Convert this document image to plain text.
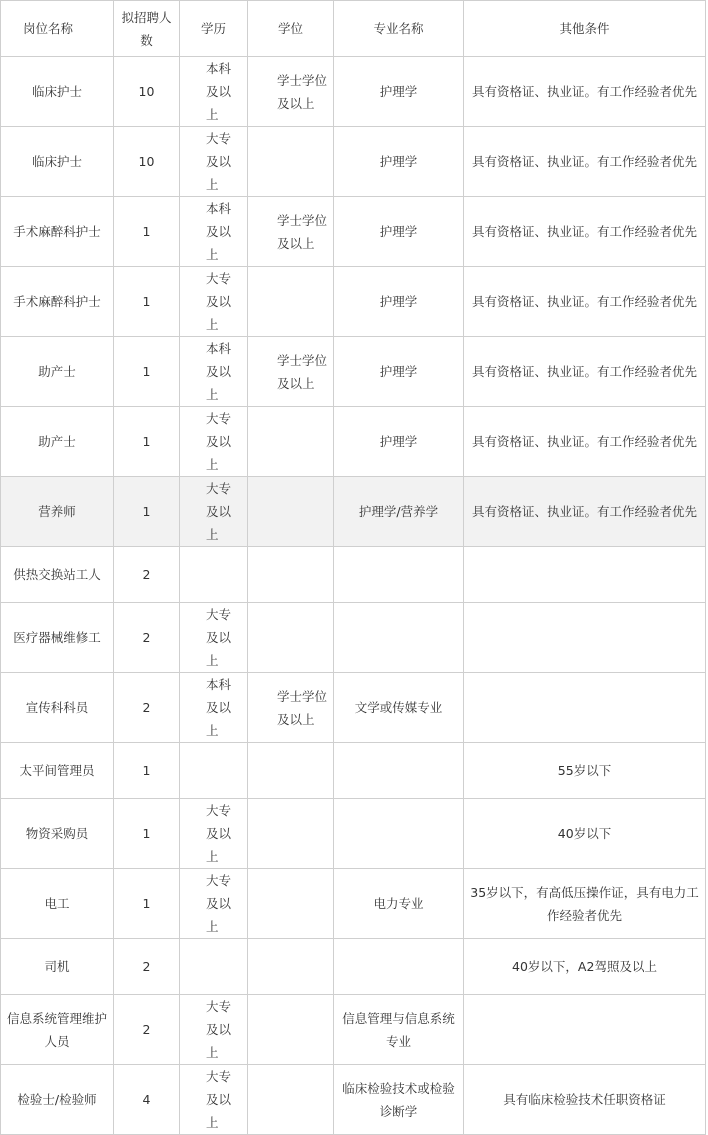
岗位名称	拟招聘人数	学历	学位	专业名称	其他条件
临床护士	10	本科及以上	学士学位及以上	护理学	具有资格证、执业证。有工作经验者优先
临床护士	10	大专及以上		护理学	具有资格证、执业证。有工作经验者优先
手术麻醉科护士	1	本科及以上	学士学位及以上	护理学	具有资格证、执业证。有工作经验者优先
手术麻醉科护士	1	大专及以上		护理学	具有资格证、执业证。有工作经验者优先
助产士	1	本科及以上	学士学位及以上	护理学	具有资格证、执业证。有工作经验者优先
助产士	1	大专及以上		护理学	具有资格证、执业证。有工作经验者优先
营养师	1	大专及以上		护理学/营养学	具有资格证、执业证。有工作经验者优先
供热交换站工人	2				
医疗器械维修工	2	大专及以上			
宣传科科员	2	本科及以上	学士学位及以上	文学或传媒专业	
太平间管理员	1				55岁以下
物资采购员	1	大专及以上			40岁以下
电工	1	大专及以上		电力专业	35岁以下，有高低压操作证，具有电力工作经验者优先
司机	2				40岁以下，A2驾照及以上
信息系统管理维护人员	2	大专及以上		信息管理与信息系统专业	
检验士/检验师	4	大专及以上		临床检验技术或检验诊断学	具有临床检验技术任职资格证
